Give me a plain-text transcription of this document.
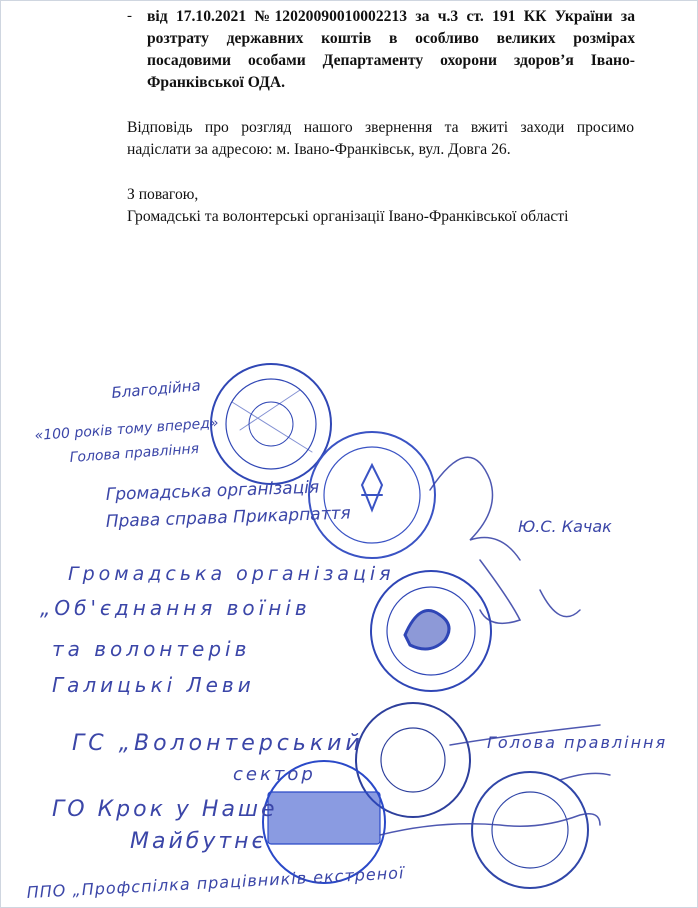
- від 17.10.2021 №12020090010002213 за ч.3 ст. 191 КК України за розтрату державних коштів в особливо великих розмірах посадовими особами Департаменту охорони здоров’я Івано-Франківської ОДА.
Відповідь про розгляд нашого звернення та вжиті заходи просимо надіслати за адресою: м. Івано-Франківськ, вул. Довга 26.
З повагою,
Громадські та волонтерські організації Івано-Франківської області
Благодійна
«100 років тому вперед»
Голова правління
Громадська організація
Права справа Прикарпаття	Ю.С. Качак
Громадська організація
„Об'єднання воїнів
та волонтерів
Галицькі Леви
ГС „Волонтерський
сектор
Голова правління
ГО Крок у Наше
Майбутнє
ППО „Профспілка працівників екстреної
